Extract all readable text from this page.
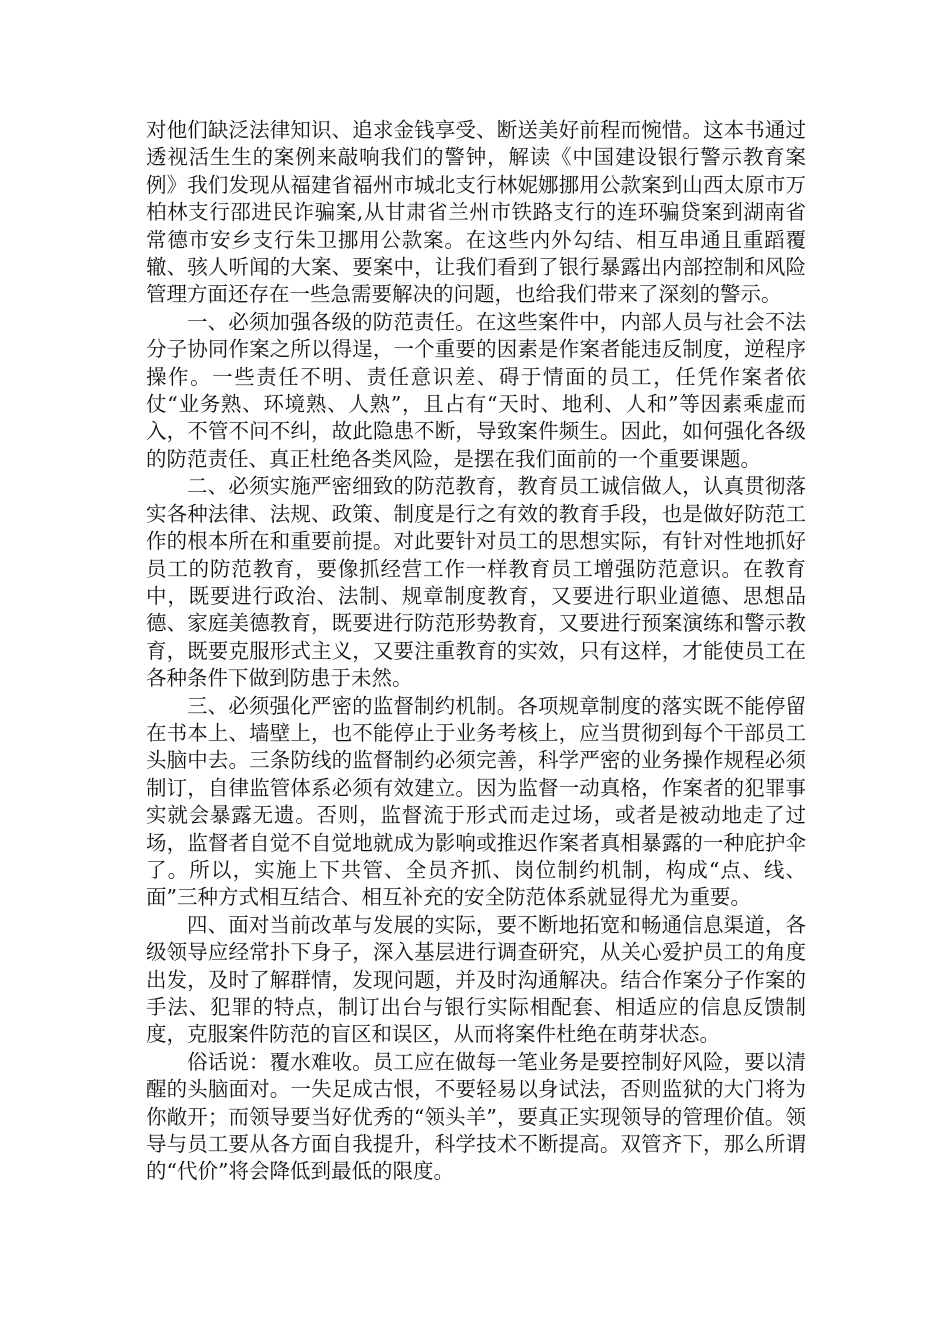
对他们缺泛法律知识、追求金钱享受、断送美好前程而惋惜。这本书通过透视活生生的案例来敲响我们的警钟，解读《中国建设银行警示教育案例》我们发现从福建省福州市城北支行林妮娜挪用公款案到山西太原市万柏林支行邵进民诈骗案,从甘肃省兰州市铁路支行的连环骗贷案到湖南省常德市安乡支行朱卫挪用公款案。在这些内外勾结、相互串通且重蹈覆辙、骇人听闻的大案、要案中，让我们看到了银行暴露出内部控制和风险管理方面还存在一些急需要解决的问题，也给我们带来了深刻的警示。

一、必须加强各级的防范责任。在这些案件中，内部人员与社会不法分子协同作案之所以得逞，一个重要的因素是作案者能违反制度，逆程序操作。一些责任不明、责任意识差、碍于情面的员工，任凭作案者依仗“业务熟、环境熟、人熟”，且占有“天时、地利、人和”等因素乘虚而入，不管不问不纠，故此隐患不断，导致案件频生。因此，如何强化各级的防范责任、真正杜绝各类风险，是摆在我们面前的一个重要课题。

二、必须实施严密细致的防范教育，教育员工诚信做人，认真贯彻落实各种法律、法规、政策、制度是行之有效的教育手段，也是做好防范工作的根本所在和重要前提。对此要针对员工的思想实际，有针对性地抓好员工的防范教育，要像抓经营工作一样教育员工增强防范意识。在教育中，既要进行政治、法制、规章制度教育，又要进行职业道德、思想品德、家庭美德教育，既要进行防范形势教育，又要进行预案演练和警示教育，既要克服形式主义，又要注重教育的实效，只有这样，才能使员工在各种条件下做到防患于未然。

三、必须强化严密的监督制约机制。各项规章制度的落实既不能停留在书本上、墙壁上，也不能停止于业务考核上，应当贯彻到每个干部员工头脑中去。三条防线的监督制约必须完善，科学严密的业务操作规程必须制订，自律监管体系必须有效建立。因为监督一动真格，作案者的犯罪事实就会暴露无遗。否则，监督流于形式而走过场，或者是被动地走了过场，监督者自觉不自觉地就成为影响或推迟作案者真相暴露的一种庇护伞了。所以，实施上下共管、全员齐抓、岗位制约机制，构成“点、线、面”三种方式相互结合、相互补充的安全防范体系就显得尤为重要。

四、面对当前改革与发展的实际，要不断地拓宽和畅通信息渠道，各级领导应经常扑下身子，深入基层进行调查研究，从关心爱护员工的角度出发，及时了解群情，发现问题，并及时沟通解决。结合作案分子作案的手法、犯罪的特点，制订出台与银行实际相配套、相适应的信息反馈制度，克服案件防范的盲区和误区，从而将案件杜绝在萌芽状态。

俗话说：覆水难收。员工应在做每一笔业务是要控制好风险，要以清醒的头脑面对。一失足成古恨，不要轻易以身试法，否则监狱的大门将为你敞开；而领导要当好优秀的“领头羊”，要真正实现领导的管理价值。领导与员工要从各方面自我提升，科学技术不断提高。双管齐下，那么所谓的“代价”将会降低到最低的限度。
